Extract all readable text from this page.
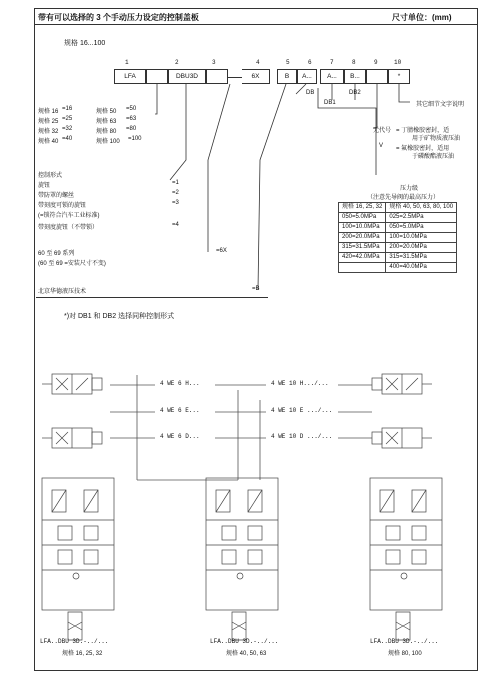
带有可以选择的 3 个手动压力设定的控制盖板	尺寸单位：(mm)
规格 16...100
1	2	3	4	5	6	7	8	9	10
LFA	DBU3D	6X	B	A...	A...	B...	*
DB
DB1
DB2
其它细节文字说明
规格 16 =16	规格 50 =50
规格 25 =25	规格 63 =63
规格 32 =32	规格 80 =80
规格 40 =40	规格 100 =100
无代号 = 丁腈橡胶密封，适
用于矿物质液压油
V = 氟橡胶密封，适用
于磷酸酯液压油
控制形式
旋钮	=1
带防罩的螺丝	=2
带刻度可锁的旋钮	=3
(=锁符合汽车工业标准)
带刻度旋钮（不带锁）	=4
60 至 69 系列	=6X
(60 至 69 =安装尺寸不变)
北京华德液压技术	=B
压力级
（注意先导阀的最高压力）
规格 16, 25, 32	规格 40, 50, 63, 80, 100
050=5.0MPa	025=2.5MPa
100=10.0MPa	050=5.0MPa
200=20.0MPa	100=10.0MPa
315=31.5MPa	200=20.0MPa
420=42.0MPa	315=31.5MPa
	400=40.0MPa
*)对 DB1 和 DB2 选择同种控制形式
4 WE 6 H...
4 WE 6 E...
4 WE 6 D...
4 WE 10 H.../...
4 WE 10 E .../...
4 WE 10 D .../...
LFA..DBU 3D.-../...
规格 16, 25, 32
LFA..DBU 3D.-../...
规格 40, 50, 63
LFA..DBU 3D.-../...
规格 80, 100
